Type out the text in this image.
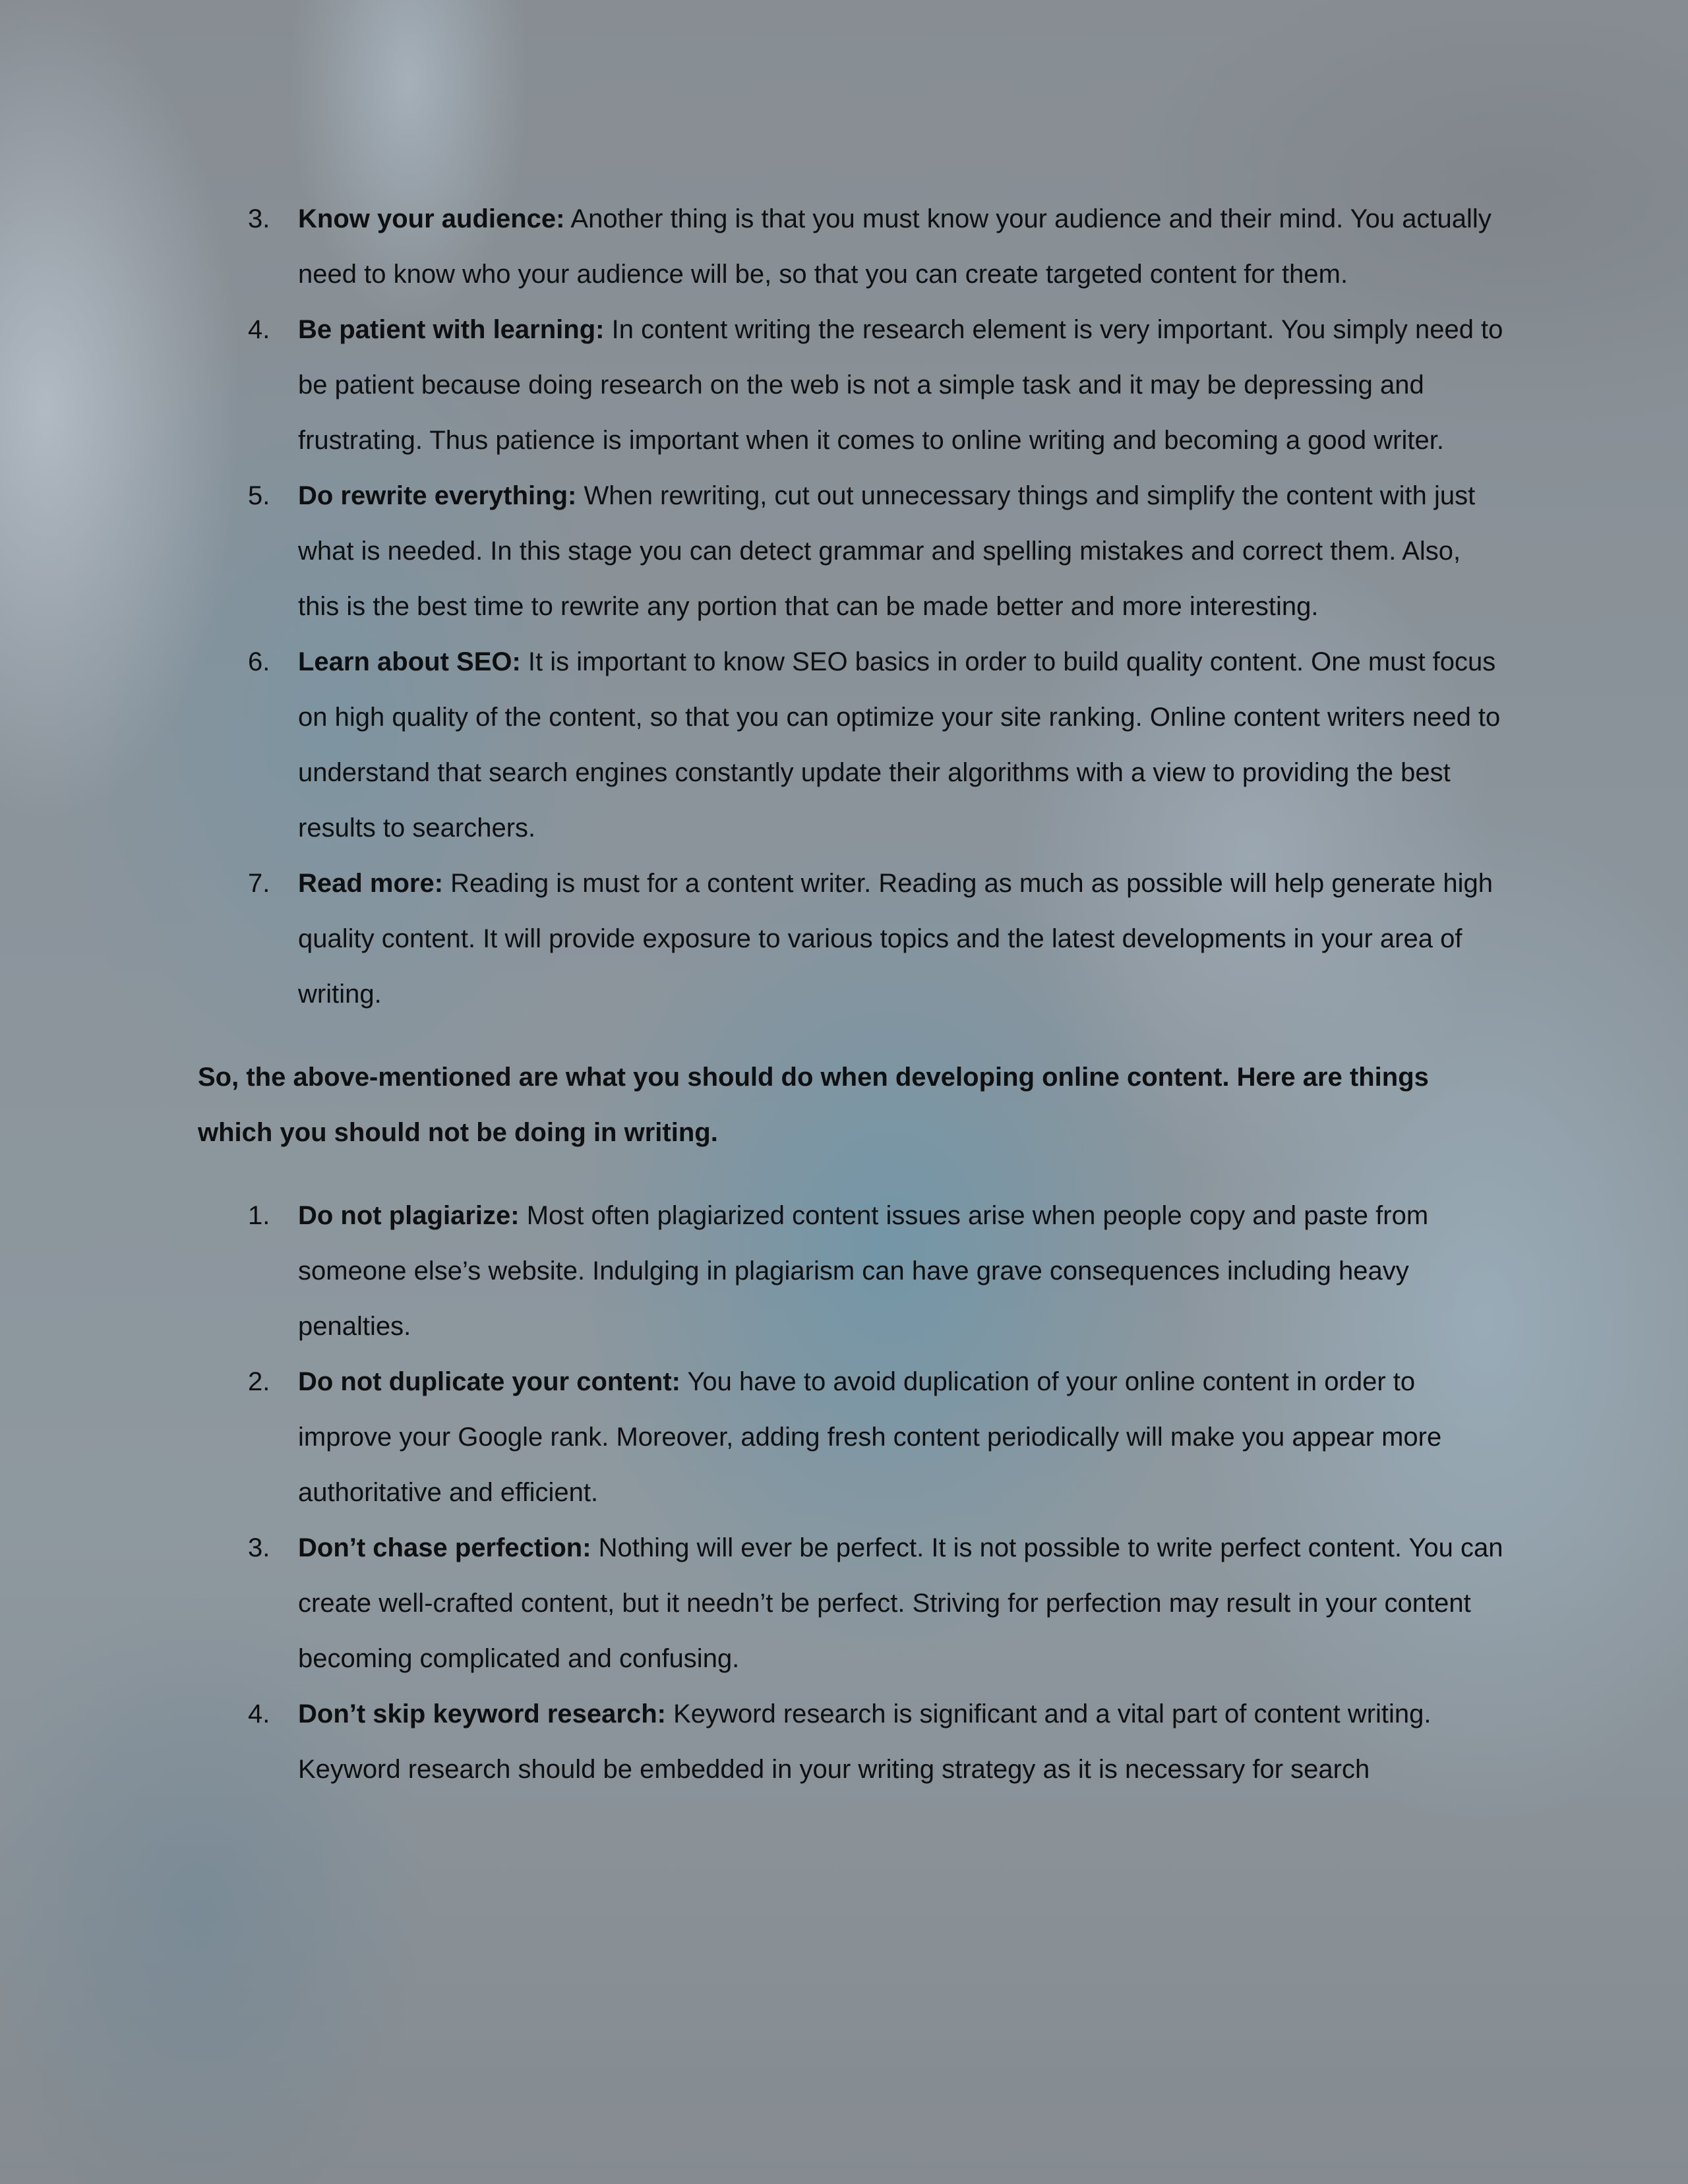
3. Know your audience: Another thing is that you must know your audience and their mind. You actually need to know who your audience will be, so that you can create targeted content for them.
4. Be patient with learning: In content writing the research element is very important. You simply need to be patient because doing research on the web is not a simple task and it may be depressing and frustrating. Thus patience is important when it comes to online writing and becoming a good writer.
5. Do rewrite everything: When rewriting, cut out unnecessary things and simplify the content with just what is needed. In this stage you can detect grammar and spelling mistakes and correct them. Also, this is the best time to rewrite any portion that can be made better and more interesting.
6. Learn about SEO: It is important to know SEO basics in order to build quality content. One must focus on high quality of the content, so that you can optimize your site ranking. Online content writers need to understand that search engines constantly update their algorithms with a view to providing the best results to searchers.
7. Read more: Reading is must for a content writer. Reading as much as possible will help generate high quality content. It will provide exposure to various topics and the latest developments in your area of writing.

So, the above-mentioned are what you should do when developing online content. Here are things which you should not be doing in writing.

1. Do not plagiarize: Most often plagiarized content issues arise when people copy and paste from someone else’s website. Indulging in plagiarism can have grave consequences including heavy penalties.
2. Do not duplicate your content: You have to avoid duplication of your online content in order to improve your Google rank. Moreover, adding fresh content periodically will make you appear more authoritative and efficient.
3. Don’t chase perfection: Nothing will ever be perfect. It is not possible to write perfect content. You can create well-crafted content, but it needn’t be perfect. Striving for perfection may result in your content becoming complicated and confusing.
4. Don’t skip keyword research: Keyword research is significant and a vital part of content writing. Keyword research should be embedded in your writing strategy as it is necessary for search
